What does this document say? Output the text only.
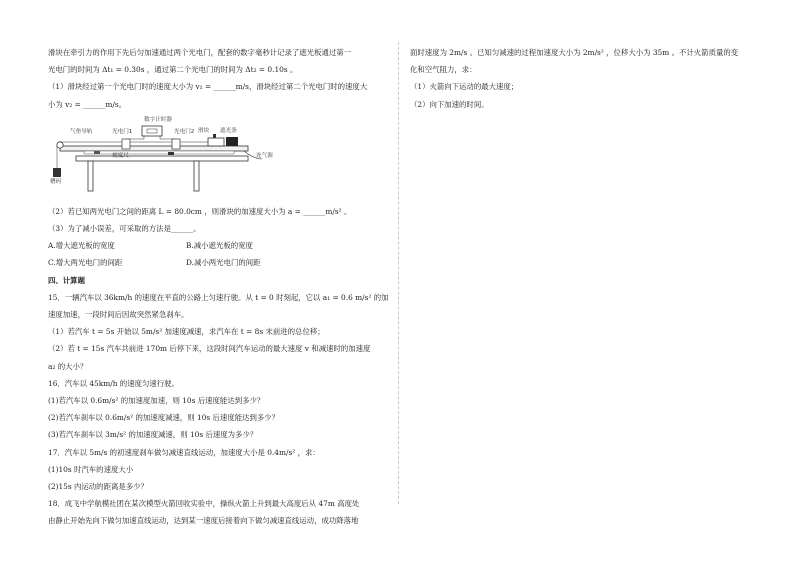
滑块在牵引力的作用下先后匀加速通过两个光电门，配套的数字毫秒计记录了遮光板通过第一

光电门的时间为 Δt₁ = 0.30s ，通过第二个光电门的时间为 Δt₂ = 0.10s 。

（1）滑块经过第一个光电门时的速度大小为 v₁ = ______m/s，滑块经过第二个光电门时的速度大

小为 v₂ = ______m/s。

数字计时器
气垫导轨	光电门1	光电门2 滑块 遮光条
刻度尺	连气源
槽码

（2）若已知两光电门之间的距离 L = 80.0cm ，则滑块的加速度大小为 a = ______m/s² 。

（3）为了减小误差，可采取的方法是______。

A.增大遮光板的宽度	B.减小遮光板的宽度
C.增大两光电门的间距	D.减小两光电门的间距

四、计算题

15．一辆汽车以 36km/h 的速度在平直的公路上匀速行驶。从 t = 0 时刻起，它以 a₁ = 0.6 m/s² 的加

速度加速，一段时间后因故突然紧急刹车。

（1）若汽车 t = 5s 开始以 5m/s² 加速度减速，求汽车在 t = 8s 末前进的总位移；

（2）若 t = 15s 汽车共前进 170m 后停下来，这段时间汽车运动的最大速度 v 和减速时的加速度

a₂ 的大小？

16．汽车以 45km/h 的速度匀速行驶。

(1)若汽车以 0.6m/s² 的加速度加速，则 10s 后速度能达到多少？

(2)若汽车刹车以 0.6m/s² 的加速度减速，则 10s 后速度能达到多少？

(3)若汽车刹车以 3m/s² 的加速度减速，则 10s 后速度为多少？

17．汽车以 5m/s 的初速度刹车做匀减速直线运动，加速度大小是 0.4m/s² ，求：

(1)10s 时汽车的速度大小

(2)15s 内运动的距离是多少？

18．成飞中学航模社团在某次模型火箭回收实验中，操纵火箭上升到最大高度后从 47m 高度处

由静止开始先向下做匀加速直线运动，达到某一速度后接着向下做匀减速直线运动，成功降落地

面时速度为 2m/s 。已知匀减速的过程加速度大小为 2m/s² ，位移大小为 35m 。不计火箭质量的变

化和空气阻力，求：

（1）火箭向下运动的最大速度；

（2）向下加速的时间。
